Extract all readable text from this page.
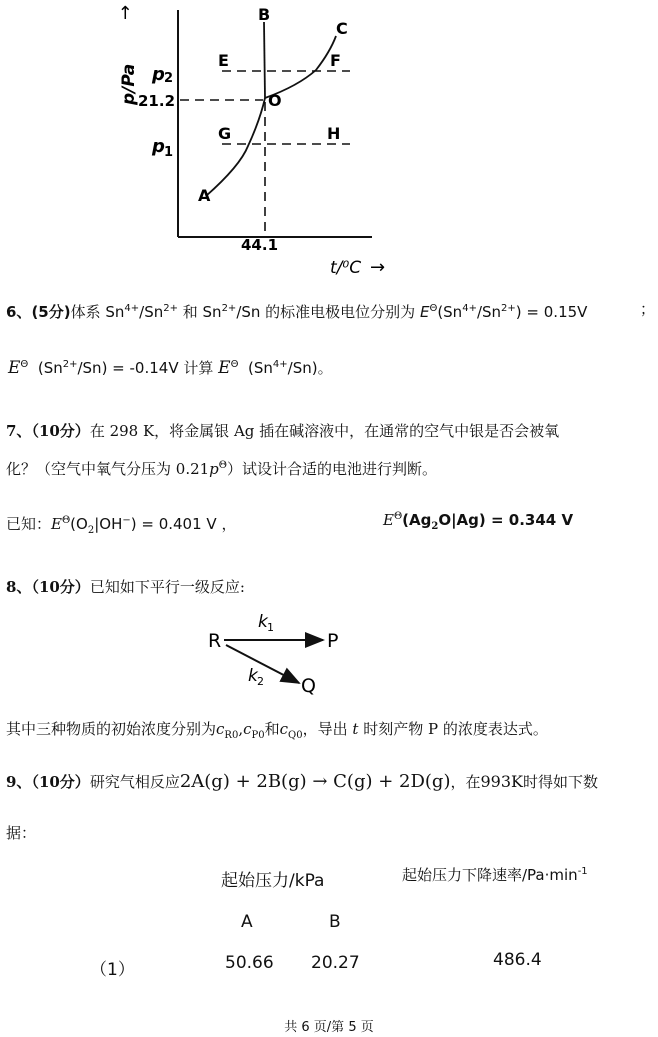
p/Pa
→	B
C
E	F
O
G	H
A
p 2
21.2
p 1
44.1
t/⁰C →
6、(5分)体系 $Sn^{4+}/Sn^{2+}$ 和 $Sn^{2+}/Sn$ 的标准电极电位分别为 $E^\Theta(Sn^{4+}/Sn^{2+}) = 0.15V$	；
$E^\Theta$ $(Sn^{2+}/Sn) = -0.14V$ 计算 $E^\Theta$ $(Sn^{4+}/Sn)$。
7、（10分）在 298 K，将金属银 Ag 插在碱溶液中，在通常的空气中银是否会被氧
化？（空气中氧气分压为 $0.21p^\Theta$）试设计合适的电池进行判断。
已知：$E^\Theta(O_2|OH^-) = 0.401$ V ，	$E^\Theta(Ag_2O|Ag) = 0.344$ V
8、（10分）已知如下平行一级反应:
R	P
Q
k 1
k 2
其中三种物质的初始浓度分别为$c_{R0},c_{P0}$和$c_{Q0}$，导出 t 时刻产物 P 的浓度表达式。
9、（10分）研究气相反应2A(g) + 2B(g) → C(g) + 2D(g)，在993K时得如下数
据：
起始压力/kPa	起始压力下降速率$/Pa\cdot\min^{-1}$
A	B
（1）	50.66 20.27	486.4
共 6 页/第 5 页
